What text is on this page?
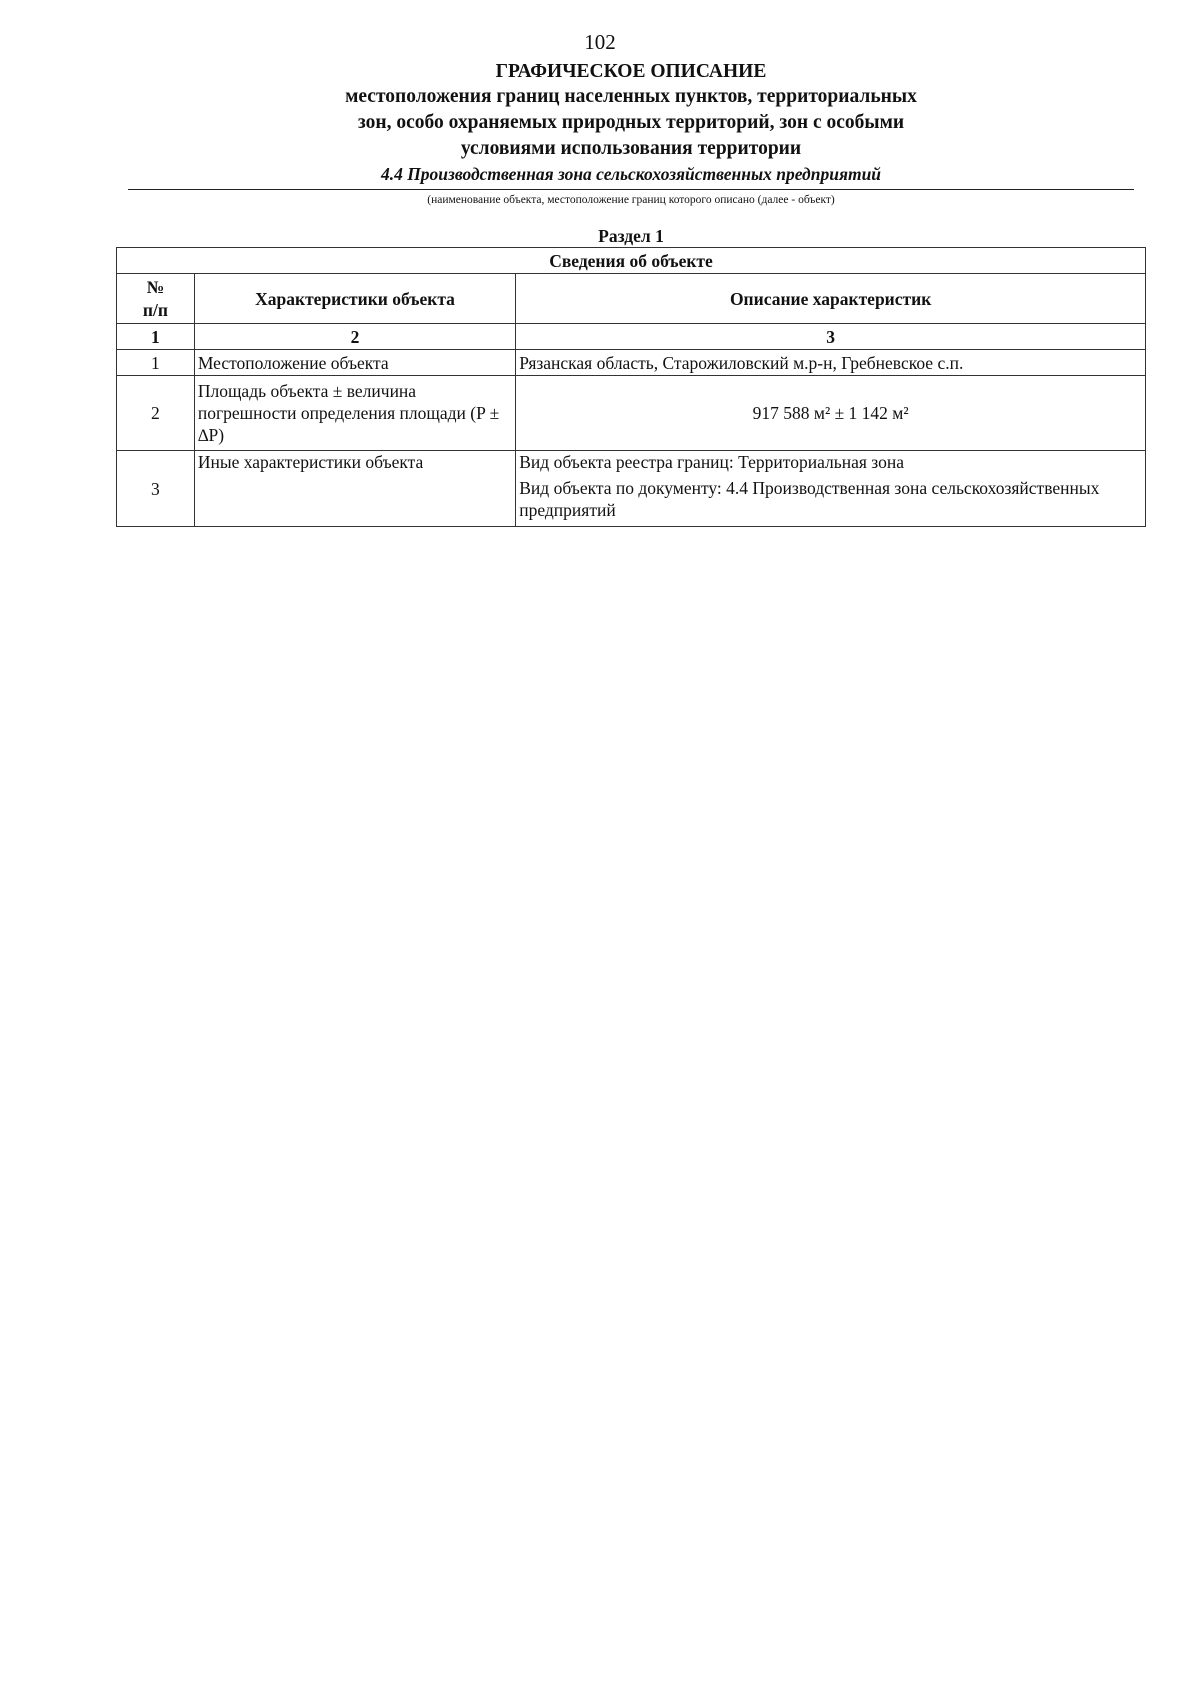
102
ГРАФИЧЕСКОЕ ОПИСАНИЕ
местоположения границ населенных пунктов, территориальных
зон, особо охраняемых природных территорий, зон с особыми
условиями использования территории
4.4 Производственная зона сельскохозяйственных предприятий
(наименование объекта, местоположение границ которого описано (далее - объект)
Раздел 1
Сведения об объекте		
№
п/п	Характеристики объекта	Описание характеристик
1	2	3
1	Местоположение объекта	Рязанская область, Старожиловский м.р-н, Гребневское с.п.
2	Площадь объекта ± величина погрешности определения площади (P ± ∆P)	917 588 м² ± 1 142 м²
3	Иные характеристики объекта	Вид объекта реестра границ: Территориальная зона
Вид объекта по документу: 4.4 Производственная зона сельскохозяйственных предприятий
